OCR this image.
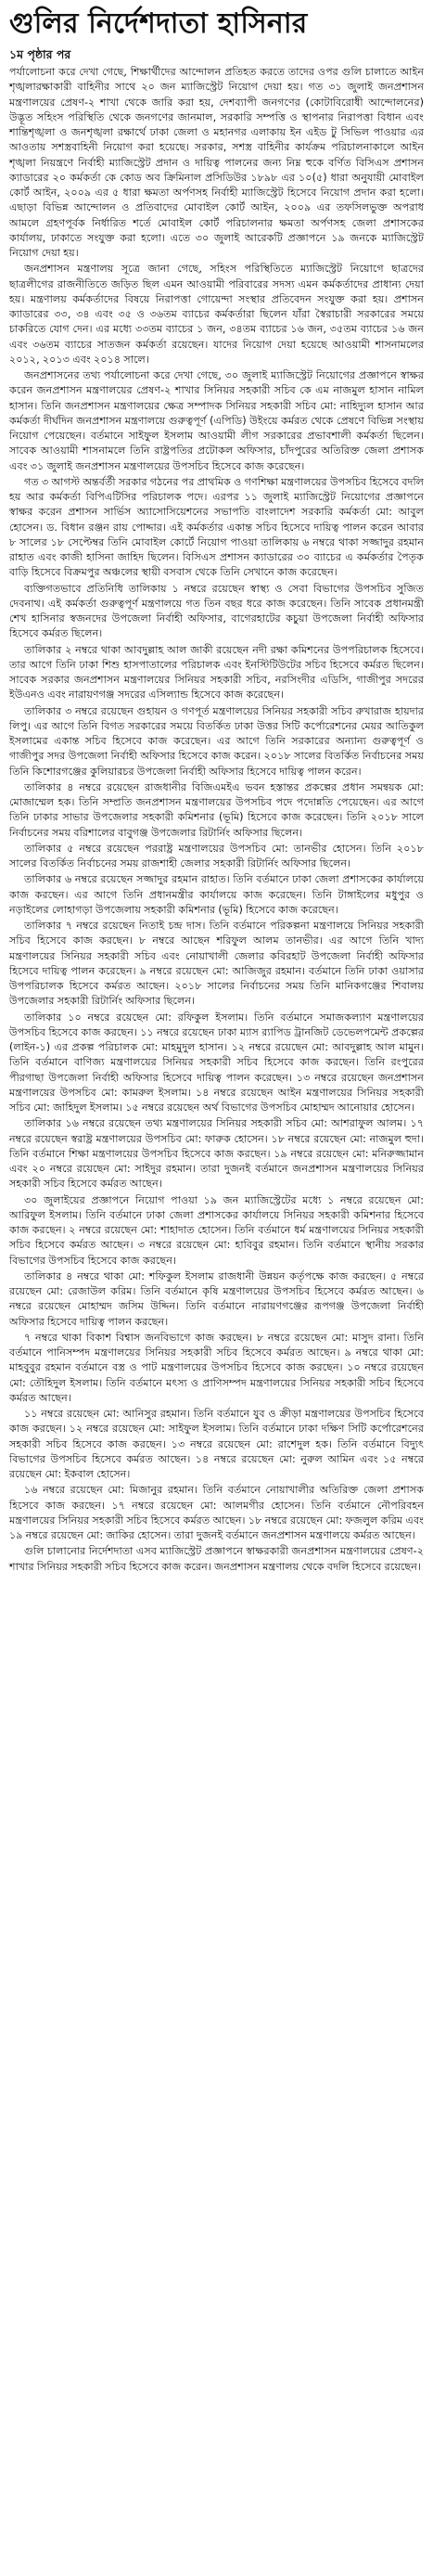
গুলির নির্দেশদাতা হাসিনার
১ম পৃষ্ঠার পর

পর্যালোচনা করে দেখা গেছে, শিক্ষার্থীদের আন্দোলন প্রতিহত করতে তাদের ওপর গুলি চালাতে আইন শৃঙ্খলারক্ষাকারী বাহিনীর সাথে ২০ জন ম্যাজিস্ট্রেট নিয়োগ দেয়া হয়। গত ৩১ জুলাই জনপ্রশাসন মন্ত্রণালয়ের প্রেষণ-২ শাখা থেকে জারি করা হয়, দেশব্যাপী জনগণের (কোটাবিরোধী আন্দোলনের) উদ্ভূত সহিংস পরিস্থিতি থেকে জনগণের জানমাল, সরকারি সম্পত্তি ও স্থাপনার নিরাপত্তা বিধান এবং শান্তিশৃঙ্খলা ও জনশৃঙ্খলা রক্ষার্থে ঢাকা জেলা ও মহানগর এলাকায় ইন এইড টু সিভিল পাওয়ার এর আওতায় সশস্ত্রবাহিনী নিয়োগ করা হয়েছে। সরকার, সশস্ত্র বাহিনীর কার্যক্রম পরিচালনাকালে আইন শৃঙ্খলা নিয়ন্ত্রণে নির্বাহী ম্যাজিস্ট্রেট প্রদান ও দায়িত্ব পালনের জন্য নিম্ন হুকে বর্ণিত বিসিএস প্রশাসন ক্যাডারের ২০ কর্মকর্তা কে কোড অব ক্রিমিনাল প্রসিডিউর ১৮৯৮ এর ১০(৫) ধারা অনুযায়ী মোবাইল কোর্ট আইন, ২০০৯ এর ৫ ধারা ক্ষমতা অর্পণসহ নির্বাহী ম্যাজিস্ট্রেট হিসেবে নিয়োগ প্রদান করা হলো। এছাড়া বিভিন্ন আন্দোলন ও প্রতিবাদের মোবাইল কোর্ট আইন, ২০০৯ এর তফসিলভুক্ত অপরাধ আমলে গ্রহণপূর্বক নির্ধারিত শর্তে মোবাইল কোর্ট পরিচালনার ক্ষমতা অর্পণসহ জেলা প্রশাসকের কার্যালয়, ঢাকাতে সংযুক্ত করা হলো। এতে ৩০ জুলাই আরেকটি প্রজ্ঞাপনে ১৯ জনকে ম্যাজিস্ট্রেট নিয়োগ দেয়া হয়।

জনপ্রশাসন মন্ত্রণালয় সূত্রে জানা গেছে, সহিংস পরিস্থিতিতে ম্যাজিস্ট্রেট নিয়োগে ছাত্রদের ছাত্রলীগের রাজনীতিতে জড়িত ছিল এমন আওয়ামী পরিবারের সদস্য এমন কর্মকর্তাদের প্রাধান্য দেয়া হয়। মন্ত্রণালয় কর্মকর্তাদের বিষয়ে নিরাপত্তা গোয়েন্দা সংস্থার প্রতিবেদন সংযুক্ত করা হয়। প্রশাসন ক্যাডারের ৩৩, ৩৪ এবং ৩৫ ও ৩৬তম ব্যাচের কর্মকর্তারা ছিলেন যাঁরা স্বৈরাচারী সরকারের সময়ে চাকরিতে যোগ দেন। এর মধ্যে ৩৩তম ব্যাচের ১ জন, ৩৪তম ব্যাচের ১৬ জন, ৩৫তম ব্যাচের ১৬ জন এবং ৩৬তম ব্যাচের সাতজন কর্মকর্তা রয়েছেন। যাদের নিয়োগ দেয়া হয়েছে আওয়ামী শাসনামলের ২০১২, ২০১৩ এবং ২০১৪ সালে।

জনপ্রশাসনের তথ্য পর্যালোচনা করে দেখা গেছে, ৩০ জুলাই ম্যাজিস্ট্রেট নিয়োগের প্রজ্ঞাপনে স্বাক্ষর করেন জনপ্রশাসন মন্ত্রণালয়ের প্রেষণ-২ শাখার সিনিয়র সহকারী সচিব কে এম নাজমুল হাসান নামিল হাসান। তিনি জনপ্রশাসন মন্ত্রণালয়ের ক্ষেত্র সম্পাদক সিনিয়র সহকারী সচিব মো: নাহিদ্যুল হাসান আর কর্মকর্তা দীর্ঘদিন জনপ্রশাসন মন্ত্রণালয়ে গুরুত্বপূর্ণ (এপিডি) উইংয়ে কর্মরত থেকে প্রেষণে বিভিন্ন সংস্থায় নিয়োগ পেয়েছেন। বর্তমানে সাইফুল ইসলাম আওয়ামী লীগ সরকারের প্রভাবশালী কর্মকর্তা ছিলেন। সাবেক আওয়ামী শাসনামলে তিনি রাষ্ট্রপতির প্রটোকল অফিসার, চাঁদপুরের অতিরিক্ত জেলা প্রশাসক এবং ৩১ জুলাই জনপ্রশাসন মন্ত্রণালয়ের উপসচিব হিসেবে কাজ করেছেন।

গত ৩ আগস্ট অন্তর্বর্তী সরকার গঠনের পর প্রাথমিক ও গণশিক্ষা মন্ত্রণালয়ের উপসচিব হিসেবে বদলি হয় আর কর্মকর্তা বিপিএটিসির পরিচালক পদে। এরপর ১১ জুলাই ম্যাজিস্ট্রেট নিয়োগের প্রজ্ঞাপনে স্বাক্ষর করেন প্রশাসন সার্ভিস অ্যাসোসিয়েশনের সভাপতি বাংলাদেশ সরকারি কর্মকর্তা মো: আবুল হোসেন। ড. বিধান রঞ্জন রায় পোদ্দার। এই কর্মকর্তার একান্ত সচিব হিসেবে দায়িত্ব পালন করেন আবার ৮ সালের ১৮ সেপ্টেম্বর তিনি মোবাইল কোর্টে নিয়োগ পাওয়া তালিকায় ৬ নম্বরে থাকা সজ্জাদুর রহমান রাহাত এবং কাজী হাসিনা জাহিদ ছিলেন। বিসিএস প্রশাসন ক্যাডারের ৩০ ব্যাচের এ কর্মকর্তার পৈতৃক বাড়ি হিসেবে বিক্রমপুর অঞ্চলের স্থায়ী বসবাস থেকে তিনি সেখানে কাজ করেছেন।

ব্যক্তিগতভাবে প্রতিনিধি তালিকায় ১ নম্বরে রয়েছেন স্বাস্থ্য ও সেবা বিভাগের উপসচিব সুজিত দেবনাথ। এই কর্মকর্তা গুরুত্বপূর্ণ মন্ত্রণালয়ে গত তিন বছর ধরে কাজ করেছেন। তিনি সাবেক প্রধানমন্ত্রী শেখ হাসিনার স্বজনদের উপজেলা নির্বাহী অফিসার, বাগেরহাটের কচুয়া উপজেলা নির্বাহী অফিসার হিসেবে কর্মরত ছিলেন।

তালিকার ২ নম্বরে থাকা আবদুল্লাহ আল জাকী রয়েছেন নদী রক্ষা কমিশনের উপপরিচালক হিসেবে। তার আগে তিনি ঢাকা শিশু হাসপাতালের পরিচালক এবং ইনস্টিটিউটের সচিব হিসেবে কর্মরত ছিলেন। সাবেক সরকার জনপ্রশাসন মন্ত্রণালয়ের সিনিয়র সহকারী সচিব, নরসিংদীর এডিসি, গাজীপুর সদরের ইউএনও এবং নারায়ণগঞ্জ সদরের এসিল্যান্ড হিসেবে কাজ করেছেন।

তালিকার ৩ নম্বরে রয়েছেন গুহায়ন ও গণপূর্ত মন্ত্রণালয়ের সিনিয়র সহকারী সচিব রুখারাজ হায়দার লিপু। এর আগে তিনি বিগত সরকারের সময়ে বিতর্কিত ঢাকা উত্তর সিটি কর্পোরেশনের মেয়র আতিকুল ইসলামের একান্ত সচিব হিসেবে কাজ করেছেন। এর আগে তিনি সরকারের অন্যান্য গুরুত্বপূর্ণ ও গাজীপুর সদর উপজেলা নির্বাহী অফিসার হিসেবে কাজ করেন। ২০১৮ সালের বিতর্কিত নির্বাচনের সময় তিনি কিশোরগঞ্জের কুলিয়ারচর উপজেলা নির্বাহী অফিসার হিসেবে দায়িত্ব পালন করেন।

তালিকার ৪ নম্বরে রয়েছেন রাজধানীর বিজিএমইএ ভবন হস্তান্তর প্রকল্পের প্রধান সমন্বয়ক মো: মোজাম্মেল হক। তিনি সম্প্রতি জনপ্রশাসন মন্ত্রণালয়ের উপসচিব পদে পদোন্নতি পেয়েছেন। এর আগে তিনি ঢাকার সাভার উপজেলার সহকারী কমিশনার (ভূমি) হিসেবে কাজ করেছেন। তিনি ২০১৮ সালে নির্বাচনের সময় বরিশালের বাবুগঞ্জ উপজেলার রিটার্নিং অফিসার ছিলেন।

তালিকার ৫ নম্বরে রয়েছেন পররাষ্ট্র মন্ত্রণালয়ের উপসচিব মো: তানভীর হোসেন। তিনি ২০১৮ সালের বিতর্কিত নির্বাচনের সময় রাজশাহী জেলার সহকারী রিটার্নিং অফিসার ছিলেন।

তালিকার ৬ নম্বরে রয়েছেন সজ্জাদুর রহমান রাহাত। তিনি বর্তমানে ঢাকা জেলা প্রশাসকের কার্যালয়ে কাজ করছেন। এর আগে তিনি প্রধানমন্ত্রীর কার্যালয়ে কাজ করেছেন। তিনি টাঙ্গাইলের মধুপুর ও নড়াইলের লোহাগড়া উপজেলায় সহকারী কমিশনার (ভূমি) হিসেবে কাজ করেছেন।

তালিকার ৭ নম্বরে রয়েছেন নিতাই চন্দ্র দাস। তিনি বর্তমানে পরিকল্পনা মন্ত্রণালয়ে সিনিয়র সহকারী সচিব হিসেবে কাজ করছেন। ৮ নম্বরে আছেন শরিফুল আলম তানভীর। এর আগে তিনি খাদ্য মন্ত্রণালয়ের সিনিয়র সহকারী সচিব এবং নোয়াখালী জেলার কবিরহাট উপজেলা নির্বাহী অফিসার হিসেবে দায়িত্ব পালন করেছেন। ৯ নম্বরে রয়েছেন মো: আজিজুর রহমান। বর্তমানে তিনি ঢাকা ওয়াসার উপপরিচালক হিসেবে কর্মরত আছেন। ২০১৮ সালের নির্বাচনের সময় তিনি মানিকগঞ্জের শিবালয় উপজেলার সহকারী রিটার্নিং অফিসার ছিলেন।

তালিকার ১০ নম্বরে রয়েছেন মো: রফিকুল ইসলাম। তিনি বর্তমানে সমাজকল্যাণ মন্ত্রণালয়ের উপসচিব হিসেবে কাজ করছেন। ১১ নম্বরে রয়েছেন ঢাকা ম্যাস র‍্যাপিড ট্রানজিট ডেভেলপমেন্ট প্রকল্পের (লাইন-১) এর প্রকল্প পরিচালক মো: মাহমুদুল হাসান। ১২ নম্বরে রয়েছেন মো: আবদুল্লাহ আল মামুন। তিনি বর্তমানে বাণিজ্য মন্ত্রণালয়ের সিনিয়র সহকারী সচিব হিসেবে কাজ করছেন। তিনি রংপুরের পীরগাছা উপজেলা নির্বাহী অফিসার হিসেবে দায়িত্ব পালন করেছেন। ১৩ নম্বরে রয়েছেন জনপ্রশাসন মন্ত্রণালয়ের উপসচিব মো: কামরুল ইসলাম। ১৪ নম্বরে রয়েছেন আইন মন্ত্রণালয়ের সিনিয়র সহকারী সচিব মো: জাহিদুল ইসলাম। ১৫ নম্বরে রয়েছেন অর্থ বিভাগের উপসচিব মোহাম্মদ আনোয়ার হোসেন।

তালিকার ১৬ নম্বরে রয়েছেন তথ্য মন্ত্রণালয়ের সিনিয়র সহকারী সচিব মো: আশরাফুল আলম। ১৭ নম্বরে রয়েছেন স্বরাষ্ট্র মন্ত্রণালয়ের উপসচিব মো: ফারুক হোসেন। ১৮ নম্বরে রয়েছেন মো: নাজমুল হুদা। তিনি বর্তমানে শিক্ষা মন্ত্রণালয়ের উপসচিব হিসেবে কাজ করছেন। ১৯ নম্বরে রয়েছেন মো: মনিরুজ্জামান এবং ২০ নম্বরে রয়েছেন মো: সাইদুর রহমান। তারা দুজনই বর্তমানে জনপ্রশাসন মন্ত্রণালয়ের সিনিয়র সহকারী সচিব হিসেবে কর্মরত আছেন।

৩০ জুলাইয়ের প্রজ্ঞাপনে নিয়োগ পাওয়া ১৯ জন ম্যাজিস্ট্রেটের মধ্যে ১ নম্বরে রয়েছেন মো: আরিফুল ইসলাম। তিনি বর্তমানে ঢাকা জেলা প্রশাসকের কার্যালয়ে সিনিয়র সহকারী কমিশনার হিসেবে কাজ করছেন। ২ নম্বরে রয়েছেন মো: শাহাদাত হোসেন। তিনি বর্তমানে ধর্ম মন্ত্রণালয়ের সিনিয়র সহকারী সচিব হিসেবে কর্মরত আছেন। ৩ নম্বরে রয়েছেন মো: হাবিবুর রহমান। তিনি বর্তমানে স্থানীয় সরকার বিভাগের উপসচিব হিসেবে কাজ করছেন।

তালিকার ৪ নম্বরে থাকা মো: শফিকুল ইসলাম রাজধানী উন্নয়ন কর্তৃপক্ষে কাজ করছেন। ৫ নম্বরে রয়েছেন মো: রেজাউল করিম। তিনি বর্তমানে কৃষি মন্ত্রণালয়ের উপসচিব হিসেবে কর্মরত আছেন। ৬ নম্বরে রয়েছেন মোহাম্মদ জসিম উদ্দিন। তিনি বর্তমানে নারায়ণগঞ্জের রূপগঞ্জ উপজেলা নির্বাহী অফিসার হিসেবে দায়িত্ব পালন করছেন।

৭ নম্বরে থাকা বিকাশ বিশ্বাস জনবিভাগে কাজ করছেন। ৮ নম্বরে রয়েছেন মো: মাসুদ রানা। তিনি বর্তমানে পানিসম্পদ মন্ত্রণালয়ের সিনিয়র সহকারী সচিব হিসেবে কর্মরত আছেন। ৯ নম্বরে থাকা মো: মাহবুবুর রহমান বর্তমানে বস্ত্র ও পাট মন্ত্রণালয়ের উপসচিব হিসেবে কাজ করছেন। ১০ নম্বরে রয়েছেন মো: তৌহিদুল ইসলাম। তিনি বর্তমানে মৎস্য ও প্রাণিসম্পদ মন্ত্রণালয়ের সিনিয়র সহকারী সচিব হিসেবে কর্মরত আছেন।

১১ নম্বরে রয়েছেন মো: আনিসুর রহমান। তিনি বর্তমানে যুব ও ক্রীড়া মন্ত্রণালয়ের উপসচিব হিসেবে কাজ করছেন। ১২ নম্বরে রয়েছেন মো: সাইফুল ইসলাম। তিনি বর্তমানে ঢাকা দক্ষিণ সিটি কর্পোরেশনের সহকারী সচিব হিসেবে কাজ করছেন। ১৩ নম্বরে রয়েছেন মো: রাশেদুল হক। তিনি বর্তমানে বিদ্যুৎ বিভাগের উপসচিব হিসেবে কর্মরত আছেন। ১৪ নম্বরে রয়েছেন মো: নুরুল আমিন এবং ১৫ নম্বরে রয়েছেন মো: ইকবাল হোসেন।

১৬ নম্বরে রয়েছেন মো: মিজানুর রহমান। তিনি বর্তমানে নোয়াখালীর অতিরিক্ত জেলা প্রশাসক হিসেবে কাজ করছেন। ১৭ নম্বরে রয়েছেন মো: আলমগীর হোসেন। তিনি বর্তমানে নৌপরিবহন মন্ত্রণালয়ের সিনিয়র সহকারী সচিব হিসেবে কর্মরত আছেন। ১৮ নম্বরে রয়েছেন মো: ফজলুল করিম এবং ১৯ নম্বরে রয়েছেন মো: জাকির হোসেন। তারা দুজনই বর্তমানে জনপ্রশাসন মন্ত্রণালয়ে কর্মরত আছেন।

গুলি চালানোর নির্দেশদাতা এসব ম্যাজিস্ট্রেট প্রজ্ঞাপনে স্বাক্ষরকারী জনপ্রশাসন মন্ত্রণালয়ের প্রেষণ-২ শাখার সিনিয়র সহকারী সচিব হিসেবে কাজ করেন। জনপ্রশাসন মন্ত্রণালয় থেকে বদলি হিসেবে রয়েছেন।
